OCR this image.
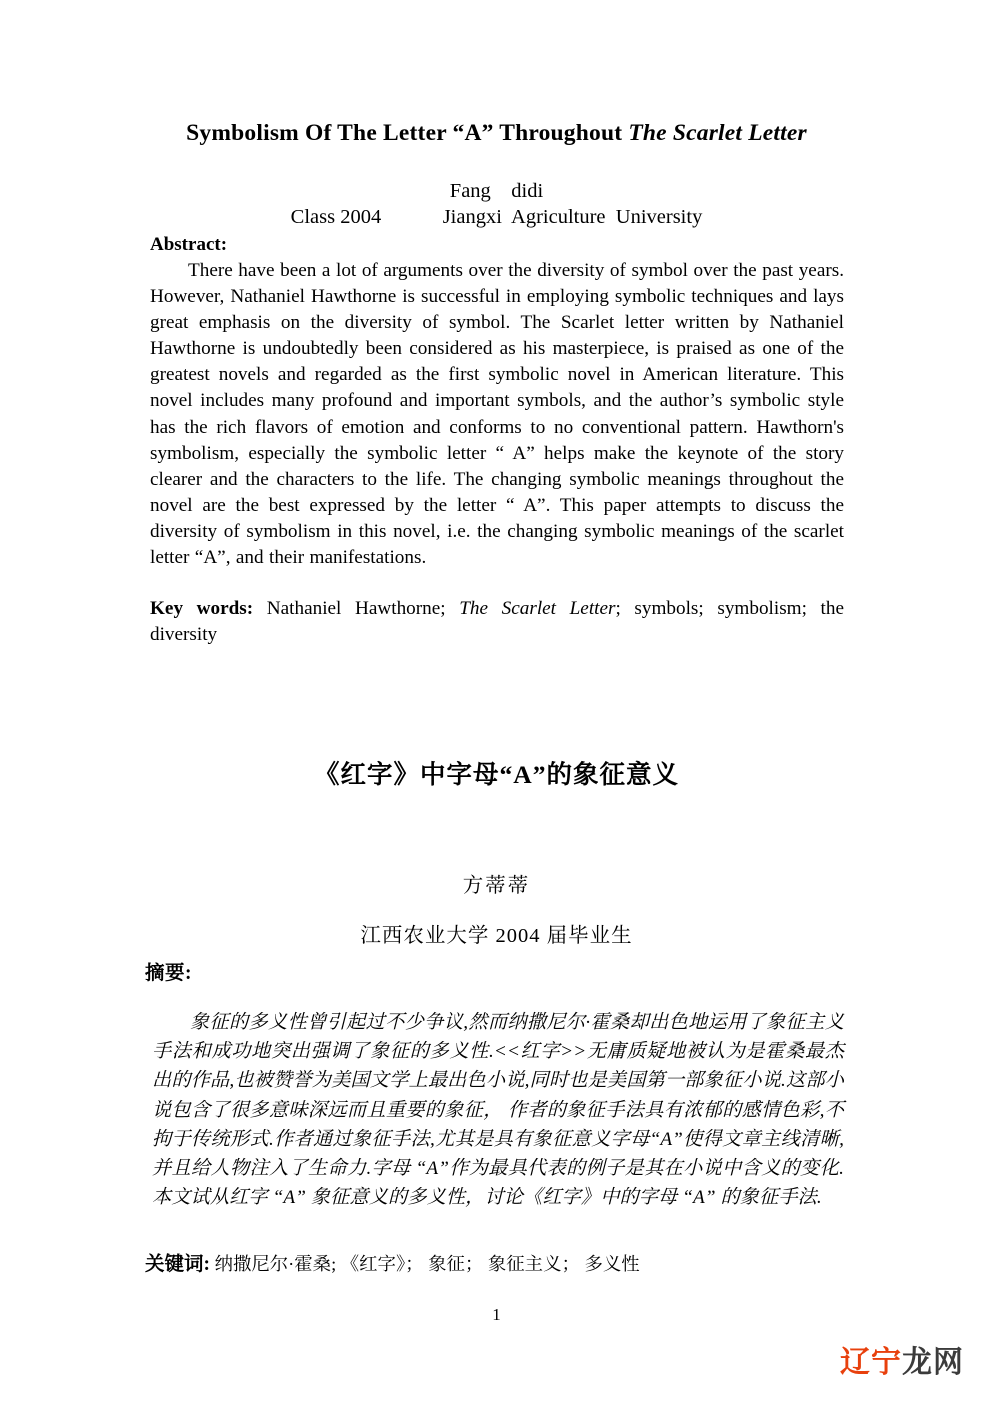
Symbolism Of The Letter “A” Throughout The Scarlet Letter
Fang    didi
Class 2004            Jiangxi  Agriculture  University
Abstract:
There have been a lot of arguments over the diversity of symbol over the past years. However, Nathaniel Hawthorne is successful in employing symbolic techniques and lays great emphasis on the diversity of symbol. The Scarlet letter written by Nathaniel Hawthorne is undoubtedly been considered as his masterpiece, is praised as one of the greatest novels and regarded as the first symbolic novel in American literature. This novel includes many profound and important symbols, and the author’s symbolic style has the rich flavors of emotion and conforms to no conventional pattern. Hawthorn's symbolism, especially the symbolic letter “ A” helps make the keynote of the story clearer and the characters to the life. The changing symbolic meanings throughout the novel are the best expressed by the letter “ A”. This paper attempts to discuss the diversity of symbolism in this novel, i.e. the changing symbolic meanings of the scarlet letter “A”, and their manifestations.
Key words: Nathaniel Hawthorne; The Scarlet Letter; symbols; symbolism; the diversity
《红字》中字母“A”的象征意义
方蒂蒂
江西农业大学 2004 届毕业生
摘要:
象征的多义性曾引起过不少争议,然而纳撒尼尔·霍桑却出色地运用了象征主义手法和成功地突出强调了象征的多义性.<<红字>>无庸质疑地被认为是霍桑最杰出的作品,也被赞誉为美国文学上最出色小说,同时也是美国第一部象征小说.这部小说包含了很多意味深远而且重要的象征， 作者的象征手法具有浓郁的感情色彩,不拘于传统形式.作者通过象征手法,尤其是具有象征意义字母“A”使得文章主线清晰,并且给人物注入了生命力.字母 “A”作为最具代表的例子是其在小说中含义的变化.本文试从红字 “A” 象征意义的多义性，讨论《红字》中的字母 “A” 的象征手法.
关键词: 纳撒尼尔·霍桑; 《红字》； 象征； 象征主义； 多义性
1
辽宁龙网
